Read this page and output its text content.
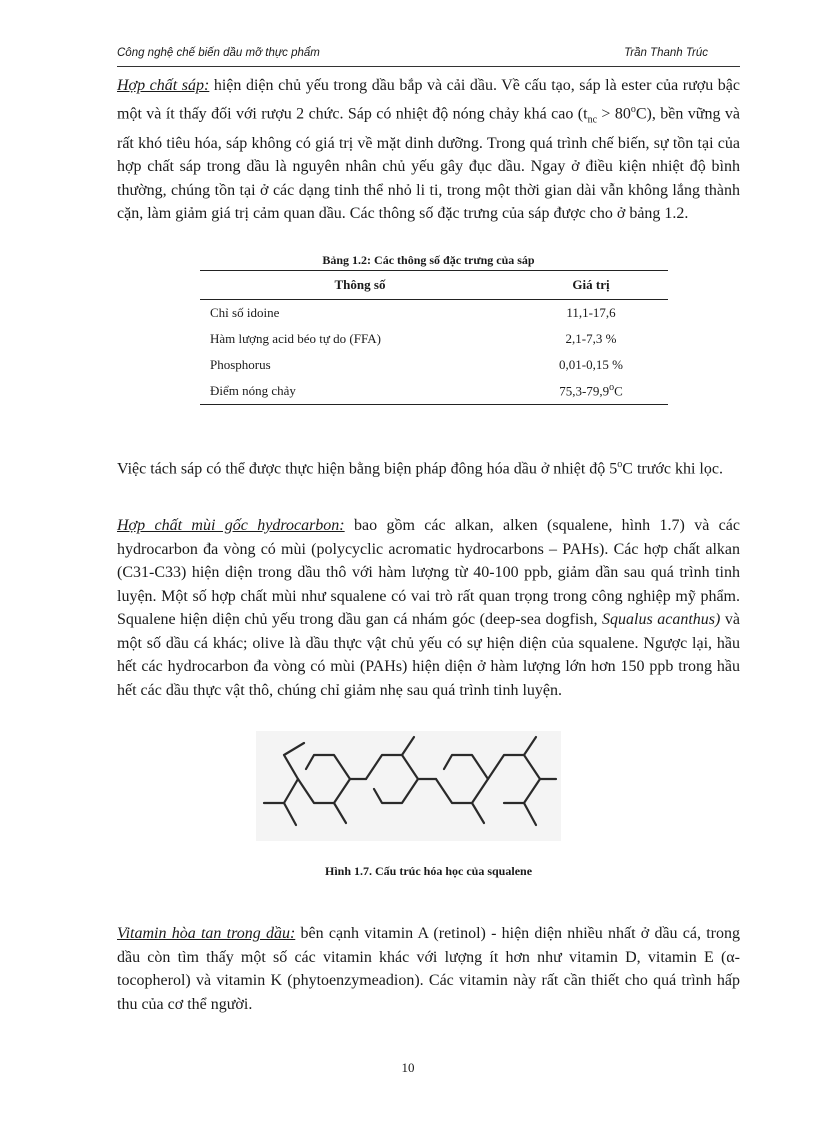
Công nghệ chế biến dầu mỡ thực phẩm	Trần Thanh Trúc

Hợp chất sáp: hiện diện chủ yếu trong dầu bắp và cải dầu. Về cấu tạo, sáp là ester của rượu bậc một và ít thấy đối với rượu 2 chức. Sáp có nhiệt độ nóng chảy khá cao $(t_{nc} > 80^oC)$, bền vững và rất khó tiêu hóa, sáp không có giá trị về mặt dinh dưỡng. Trong quá trình chế biến, sự tồn tại của hợp chất sáp trong dầu là nguyên nhân chủ yếu gây đục dầu. Ngay ở điều kiện nhiệt độ bình thường, chúng tồn tại ở các dạng tinh thể nhỏ li ti, trong một thời gian dài vẫn không lắng thành cặn, làm giảm giá trị cảm quan dầu. Các thông số đặc trưng của sáp được cho ở bảng 1.2.

Bảng 1.2: Các thông số đặc trưng của sáp
Thông số	Giá trị
Chỉ số idoine	11,1-17,6
Hàm lượng acid béo tự do (FFA)	2,1-7,3 %
Phosphorus	0,01-0,15 %
Điểm nóng chảy	75,3-79,9$^o$C

Việc tách sáp có thể được thực hiện bằng biện pháp đông hóa dầu ở nhiệt độ 5$^o$C trước khi lọc.

Hợp chất mùi gốc hydrocarbon: bao gồm các alkan, alken (squalene, hình 1.7) và các hydrocarbon đa vòng có mùi (polycyclic acromatic hydrocarbons – PAHs). Các hợp chất alkan (C31-C33) hiện diện trong dầu thô với hàm lượng từ 40-100 ppb, giảm dần sau quá trình tinh luyện. Một số hợp chất mùi như squalene có vai trò rất quan trọng trong công nghiệp mỹ phẩm. Squalene hiện diện chủ yếu trong dầu gan cá nhám góc (deep-sea dogfish, Squalus acanthus) và một số dầu cá khác; olive là dầu thực vật chủ yếu có sự hiện diện của squalene. Ngược lại, hầu hết các hydrocarbon đa vòng có mùi (PAHs) hiện diện ở hàm lượng lớn hơn 150 ppb trong hầu hết các dầu thực vật thô, chúng chỉ giảm nhẹ sau quá trình tinh luyện.

Hình 1.7. Cấu trúc hóa học của squalene

Vitamin hòa tan trong dầu: bên cạnh vitamin A (retinol) - hiện diện nhiều nhất ở dầu cá, trong dầu còn tìm thấy một số các vitamin khác với lượng ít hơn như vitamin D, vitamin E (α-tocopherol) và vitamin K (phytoenzymeadion). Các vitamin này rất cần thiết cho quá trình hấp thu của cơ thể người.

10
